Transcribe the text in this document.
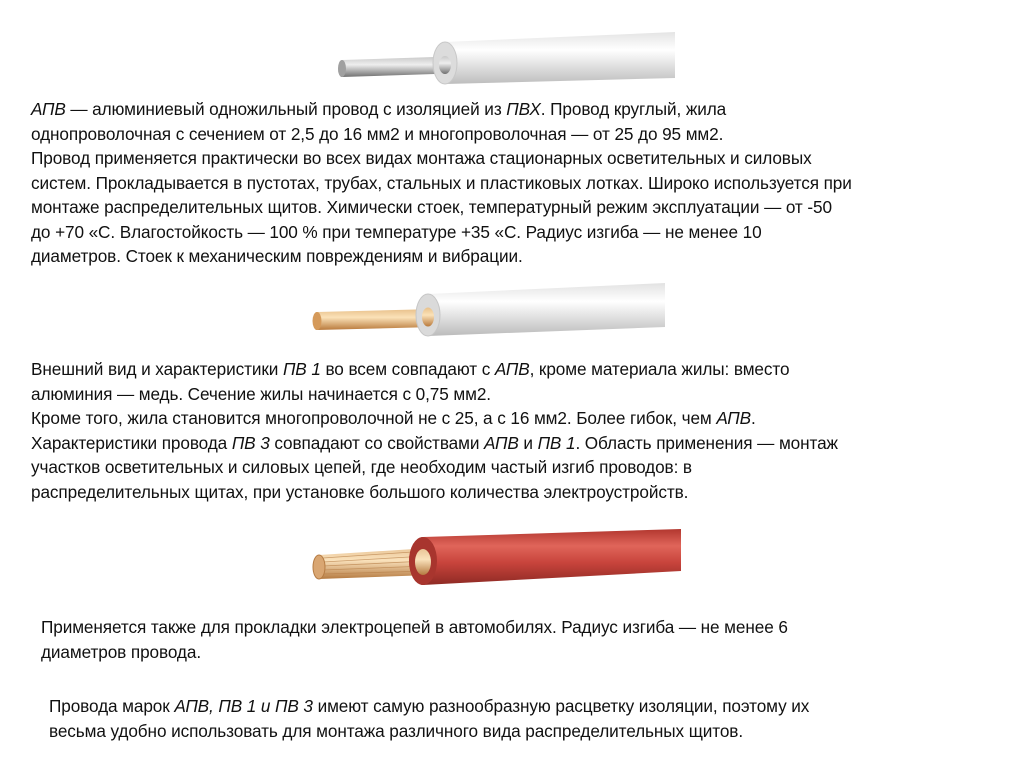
АПВ — алюминиевый одножильный провод с изоляцией из ПВХ. Провод круглый, жила
однопроволочная с сечением от 2,5 до 16 мм2 и многопроволочная — от 25 до 95 мм2.
Провод применяется практически во всех видах монтажа стационарных осветительных и силовых
систем. Прокладывается в пустотах, трубах, стальных и пластиковых лотках. Широко используется при
монтаже распределительных щитов. Химически стоек, температурный режим эксплуатации — от -50
до +70 «С. Влагостойкость — 100 % при температуре +35 «С. Радиус изгиба — не менее 10
диаметров. Стоек к механическим повреждениям и вибрации.
Внешний вид и характеристики ПВ 1 во всем совпадают с АПВ, кроме материала жилы: вместо
алюминия — медь. Сечение жилы начинается с 0,75 мм2.
Кроме того, жила становится многопроволочной не с 25, а с 16 мм2. Более гибок, чем АПВ.
Характеристики провода ПВ 3 совпадают со свойствами АПВ и ПВ 1. Область применения — монтаж
участков осветительных и силовых цепей, где необходим частый изгиб проводов: в
распределительных щитах, при установке большого количества электроустройств.
Применяется также для прокладки электроцепей в автомобилях. Радиус изгиба — не менее 6
диаметров провода.
Провода марок АПВ, ПВ 1 и ПВ 3 имеют самую разнообразную расцветку изоляции, поэтому их
весьма удобно использовать для монтажа различного вида распределительных щитов.
